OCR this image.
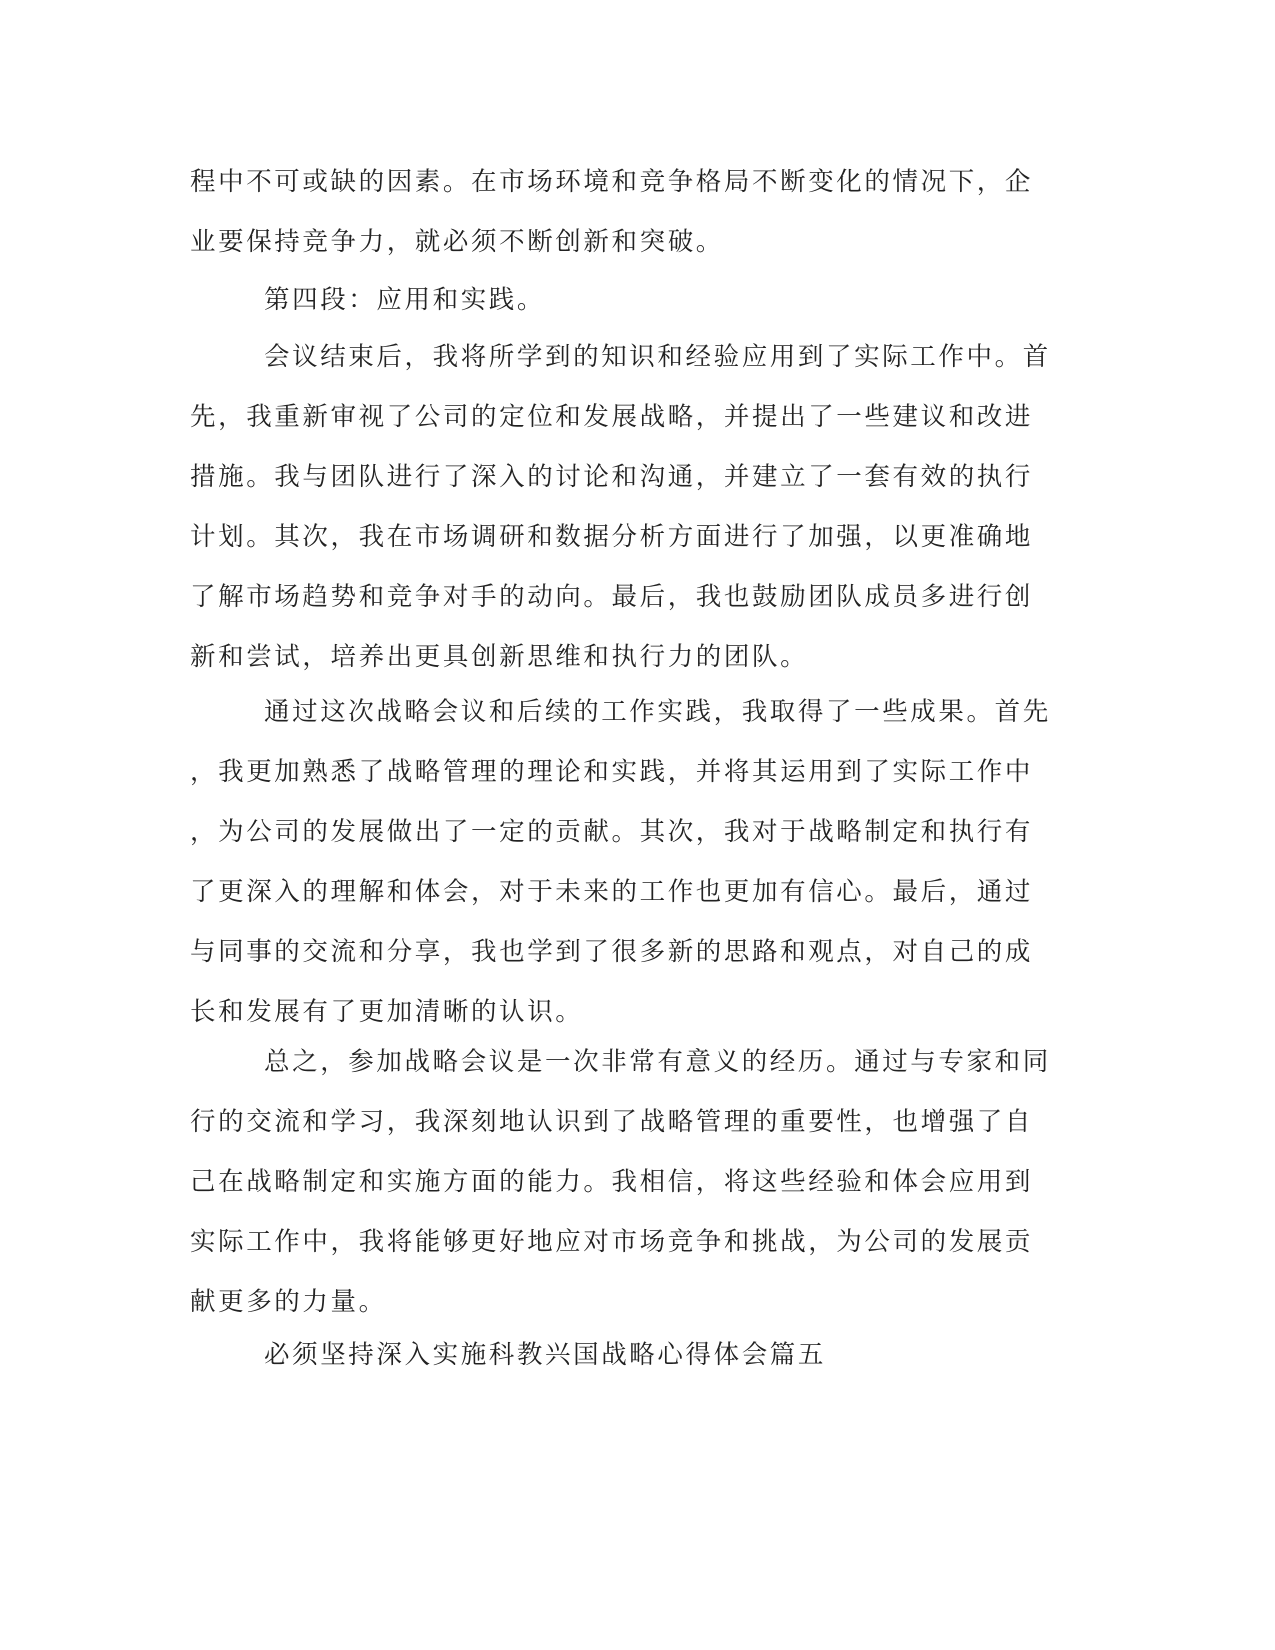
程中不可或缺的因素。在市场环境和竞争格局不断变化的情况下，企
业要保持竞争力，就必须不断创新和突破。
第四段：应用和实践。
会议结束后，我将所学到的知识和经验应用到了实际工作中。首
先，我重新审视了公司的定位和发展战略，并提出了一些建议和改进
措施。我与团队进行了深入的讨论和沟通，并建立了一套有效的执行
计划。其次，我在市场调研和数据分析方面进行了加强，以更准确地
了解市场趋势和竞争对手的动向。最后，我也鼓励团队成员多进行创
新和尝试，培养出更具创新思维和执行力的团队。
通过这次战略会议和后续的工作实践，我取得了一些成果。首先
，我更加熟悉了战略管理的理论和实践，并将其运用到了实际工作中
，为公司的发展做出了一定的贡献。其次，我对于战略制定和执行有
了更深入的理解和体会，对于未来的工作也更加有信心。最后，通过
与同事的交流和分享，我也学到了很多新的思路和观点，对自己的成
长和发展有了更加清晰的认识。
总之，参加战略会议是一次非常有意义的经历。通过与专家和同
行的交流和学习，我深刻地认识到了战略管理的重要性，也增强了自
己在战略制定和实施方面的能力。我相信，将这些经验和体会应用到
实际工作中，我将能够更好地应对市场竞争和挑战，为公司的发展贡
献更多的力量。
必须坚持深入实施科教兴国战略心得体会篇五
